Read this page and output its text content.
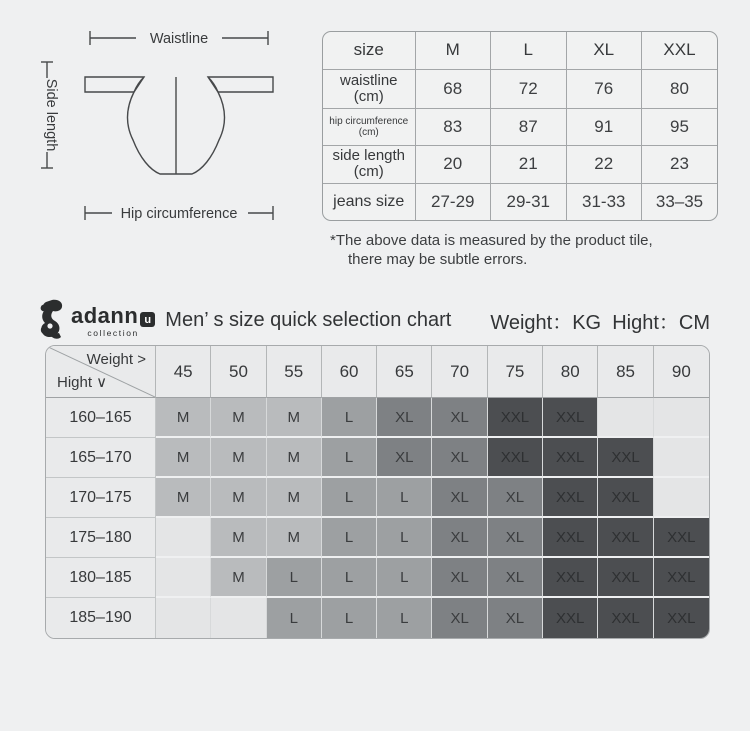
Waistline
Side length
Hip circumference
size	M	L	XL	XXL

waistline
(cm)	68	72	76	80

hip circumference
(cm)	83	87	91	95

side length
(cm)	20	21	22	23

jeans size	27-29	29-31	31-33	33–35
*The above data is measured by the product tile,
there may be subtle errors.
adann u
collection
Men’ s size quick selection chart Weight：KG  Hight：CM
Weight >
Hight ∨	45	50	55	60	65	70	75	80	85	90
160–165	M	M	M	L	XL	XL	XXL	XXL		
165–170	M	M	M	L	XL	XL	XXL	XXL	XXL	
170–175	M	M	M	L	L	XL	XL	XXL	XXL	
175–180		M	M	L	L	XL	XL	XXL	XXL	XXL
180–185		M	L	L	L	XL	XL	XXL	XXL	XXL
185–190			L	L	L	XL	XL	XXL	XXL	XXL
